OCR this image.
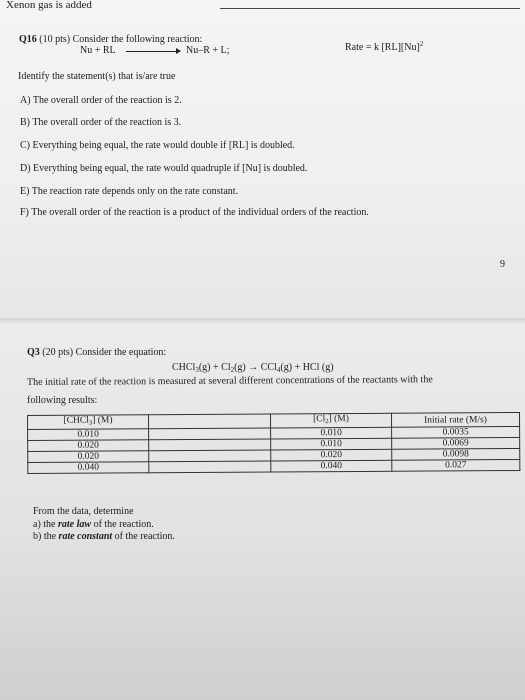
Xenon gas is added
Q16 (10 pts) Consider the following reaction:
Nu + RL → Nu–R + L;	Rate = k $[RL][Nu]^2$
Identify the statement(s) that is/are true
A) The overall order of the reaction is 2.
B) The overall order of the reaction is 3.
C) Everything being equal, the rate would double if [RL] is doubled.
D) Everything being equal, the rate would quadruple if [Nu] is doubled.
E) The reaction rate depends only on the rate constant.
F) The overall order of the reaction is a product of the individual orders of the reaction.
9
Q3 (20 pts) Consider the equation:
CHCl$_3$(g) + $Cl_2(g) \to CCl_4(g)$ + HCl (g)
The initial rate of the reaction is measured at several different concentrations of the reactants with the
following results:
[CHCl$_3$] (M)		$[Cl_2]$ (M)	Initial rate (M/s)
0.010		0.010	0.0035
0.020		0.010	0.0069
0.020		0.020	0.0098
0.040		0.040	0.027
From the data, determine
a) the rate law of the reaction.
b) the rate constant of the reaction.
